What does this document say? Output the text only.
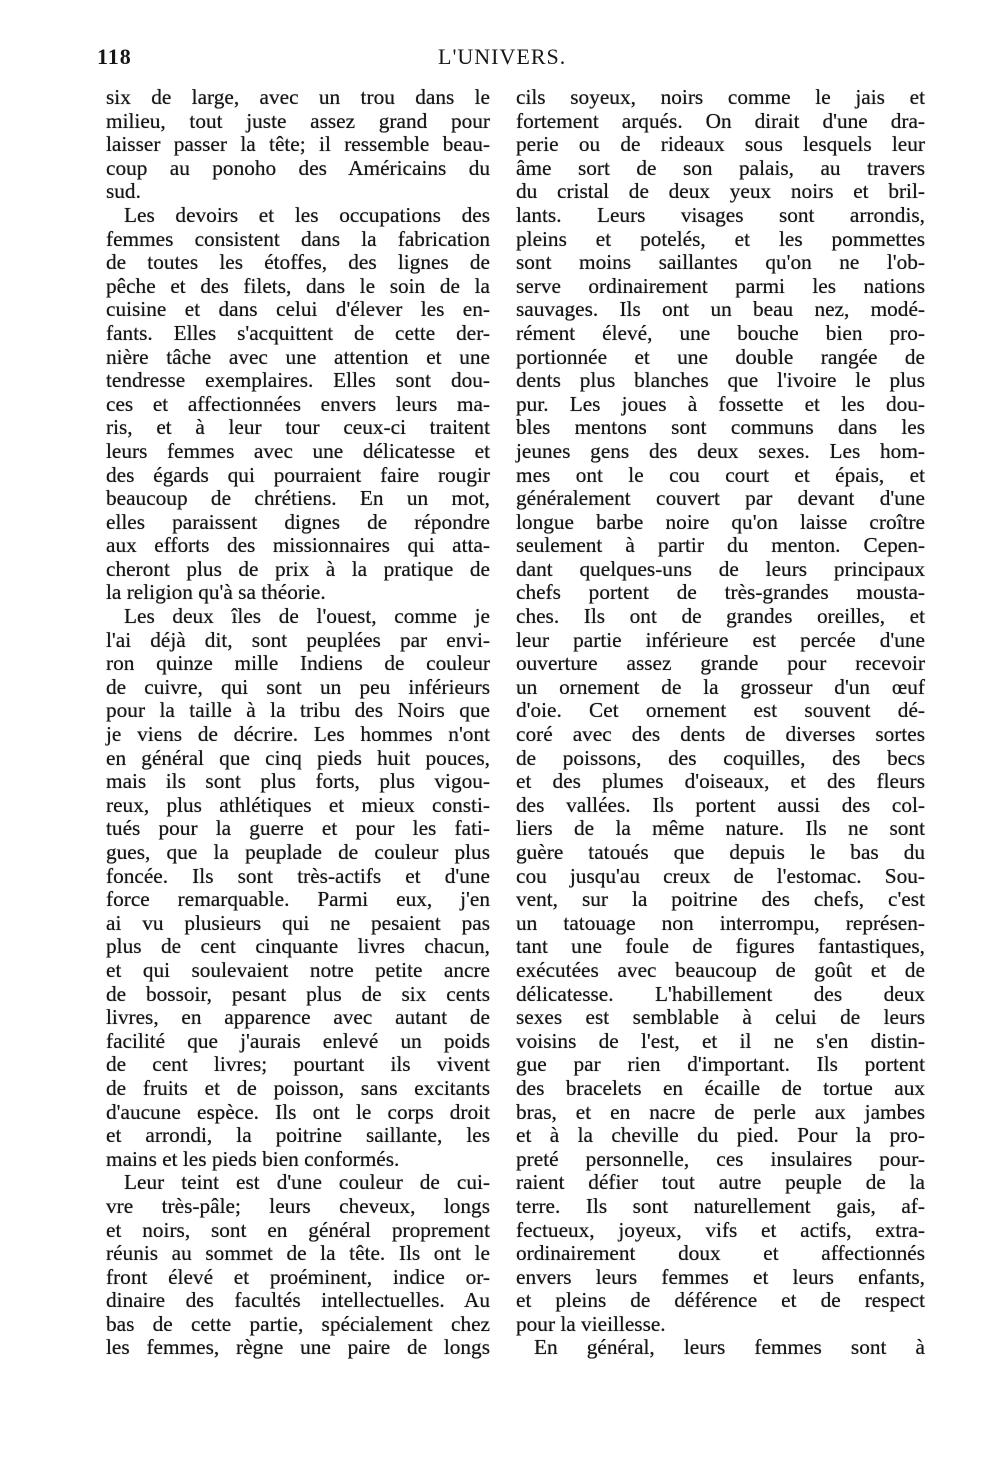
118	L'UNIVERS.
six de large, avec un trou dans le
milieu, tout juste assez grand pour
laisser passer la tête; il ressemble beau-
coup au ponoho des Américains du
sud.
Les devoirs et les occupations des
femmes consistent dans la fabrication
de toutes les étoffes, des lignes de
pêche et des filets, dans le soin de la
cuisine et dans celui d'élever les en-
fants. Elles s'acquittent de cette der-
nière tâche avec une attention et une
tendresse exemplaires. Elles sont dou-
ces et affectionnées envers leurs ma-
ris, et à leur tour ceux-ci traitent
leurs femmes avec une délicatesse et
des égards qui pourraient faire rougir
beaucoup de chrétiens. En un mot,
elles paraissent dignes de répondre
aux efforts des missionnaires qui atta-
cheront plus de prix à la pratique de
la religion qu'à sa théorie.
Les deux îles de l'ouest, comme je
l'ai déjà dit, sont peuplées par envi-
ron quinze mille Indiens de couleur
de cuivre, qui sont un peu inférieurs
pour la taille à la tribu des Noirs que
je viens de décrire. Les hommes n'ont
en général que cinq pieds huit pouces,
mais ils sont plus forts, plus vigou-
reux, plus athlétiques et mieux consti-
tués pour la guerre et pour les fati-
gues, que la peuplade de couleur plus
foncée. Ils sont très-actifs et d'une
force remarquable. Parmi eux, j'en
ai vu plusieurs qui ne pesaient pas
plus de cent cinquante livres chacun,
et qui soulevaient notre petite ancre
de bossoir, pesant plus de six cents
livres, en apparence avec autant de
facilité que j'aurais enlevé un poids
de cent livres; pourtant ils vivent
de fruits et de poisson, sans excitants
d'aucune espèce. Ils ont le corps droit
et arrondi, la poitrine saillante, les
mains et les pieds bien conformés.
Leur teint est d'une couleur de cui-
vre très-pâle; leurs cheveux, longs
et noirs, sont en général proprement
réunis au sommet de la tête. Ils ont le
front élevé et proéminent, indice or-
dinaire des facultés intellectuelles. Au
bas de cette partie, spécialement chez
les femmes, règne une paire de longs
cils soyeux, noirs comme le jais et
fortement arqués. On dirait d'une dra-
perie ou de rideaux sous lesquels leur
âme sort de son palais, au travers
du cristal de deux yeux noirs et bril-
lants. Leurs visages sont arrondis,
pleins et potelés, et les pommettes
sont moins saillantes qu'on ne l'ob-
serve ordinairement parmi les nations
sauvages. Ils ont un beau nez, modé-
rément élevé, une bouche bien pro-
portionnée et une double rangée de
dents plus blanches que l'ivoire le plus
pur. Les joues à fossette et les dou-
bles mentons sont communs dans les
jeunes gens des deux sexes. Les hom-
mes ont le cou court et épais, et
généralement couvert par devant d'une
longue barbe noire qu'on laisse croître
seulement à partir du menton. Cepen-
dant quelques-uns de leurs principaux
chefs portent de très-grandes mousta-
ches. Ils ont de grandes oreilles, et
leur partie inférieure est percée d'une
ouverture assez grande pour recevoir
un ornement de la grosseur d'un œuf
d'oie. Cet ornement est souvent dé-
coré avec des dents de diverses sortes
de poissons, des coquilles, des becs
et des plumes d'oiseaux, et des fleurs
des vallées. Ils portent aussi des col-
liers de la même nature. Ils ne sont
guère tatoués que depuis le bas du
cou jusqu'au creux de l'estomac. Sou-
vent, sur la poitrine des chefs, c'est
un tatouage non interrompu, représen-
tant une foule de figures fantastiques,
exécutées avec beaucoup de goût et de
délicatesse. L'habillement des deux
sexes est semblable à celui de leurs
voisins de l'est, et il ne s'en distin-
gue par rien d'important. Ils portent
des bracelets en écaille de tortue aux
bras, et en nacre de perle aux jambes
et à la cheville du pied. Pour la pro-
preté personnelle, ces insulaires pour-
raient défier tout autre peuple de la
terre. Ils sont naturellement gais, af-
fectueux, joyeux, vifs et actifs, extra-
ordinairement doux et affectionnés
envers leurs femmes et leurs enfants,
et pleins de déférence et de respect
pour la vieillesse.
En général, leurs femmes sont à
